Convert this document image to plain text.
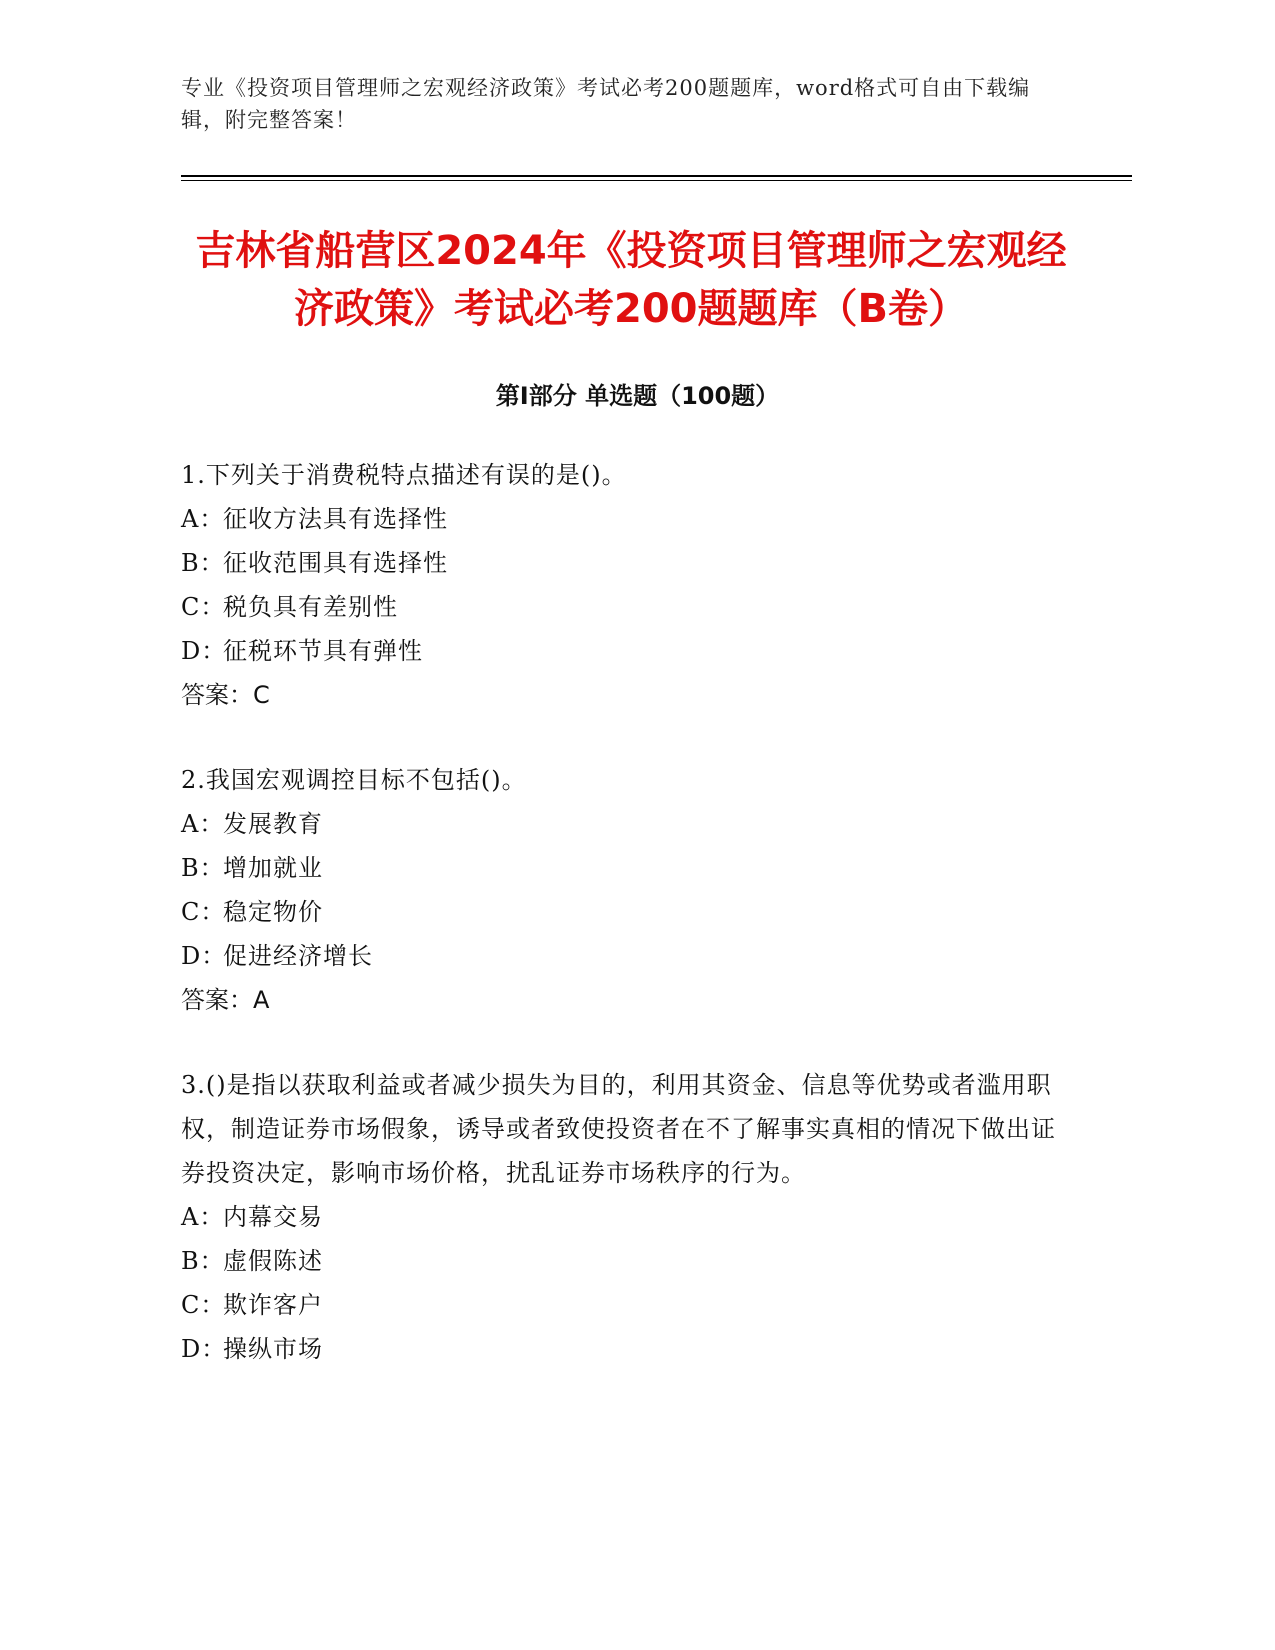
专业《投资项目管理师之宏观经济政策》考试必考200题题库，word格式可自由下载编辑，附完整答案！
吉林省船营区2024年《投资项目管理师之宏观经济政策》考试必考200题题库（B卷）
第Ⅰ部分 单选题（100题）

1.下列关于消费税特点描述有误的是()。

A：征收方法具有选择性

B：征收范围具有选择性

C：税负具有差别性

D：征税环节具有弹性

答案：C

2.我国宏观调控目标不包括()。

A：发展教育

B：增加就业

C：稳定物价

D：促进经济增长

答案：A

3.()是指以获取利益或者减少损失为目的，利用其资金、信息等优势或者滥用职权，制造证券市场假象，诱导或者致使投资者在不了解事实真相的情况下做出证券投资决定，影响市场价格，扰乱证券市场秩序的行为。

A：内幕交易

B：虚假陈述

C：欺诈客户

D：操纵市场
